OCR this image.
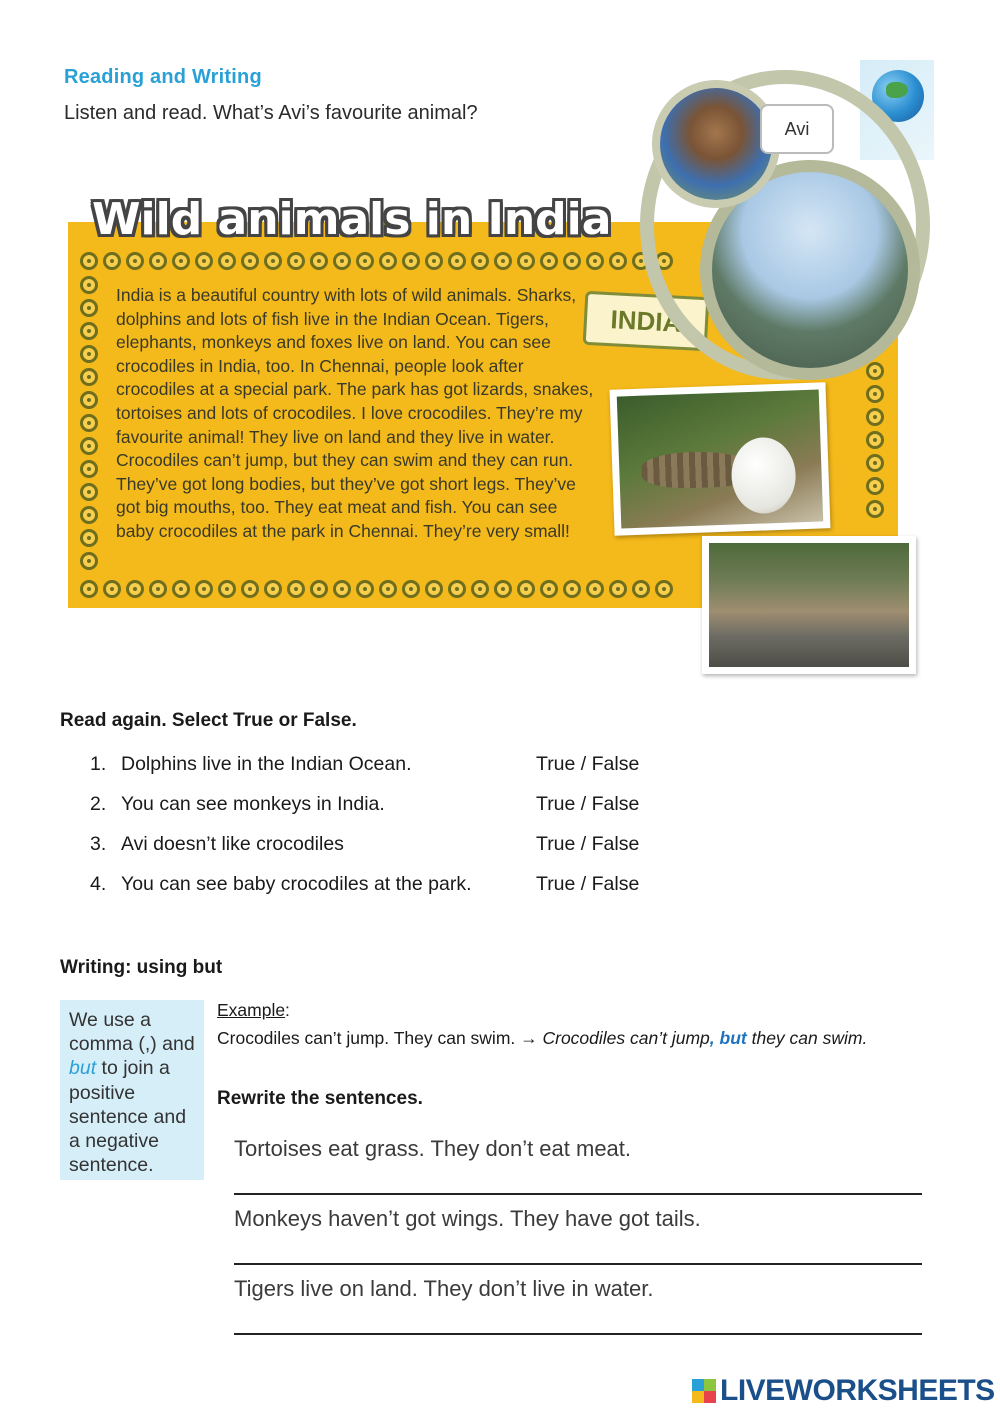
Reading and Writing
Listen and read. What’s Avi’s favourite animal?
Wild animals in India
India is a beautiful country with lots of wild animals. Sharks, dolphins and lots of fish live in the Indian Ocean. Tigers, elephants, monkeys and foxes live on land. You can see crocodiles in India, too. In Chennai, people look after crocodiles at a special park. The park has got lizards, snakes, tortoises and lots of crocodiles. I love crocodiles. They’re my favourite animal! They live on land and they live in water. Crocodiles can’t jump, but they can swim and they can run. They’ve got long bodies, but they’ve got short legs. They’ve got big mouths, too. They eat meat and fish. You can see baby crocodiles at the park in Chennai. They’re very small!
INDIA
Avi
Read again. Select True or False.
1. Dolphins live in the Indian Ocean.	True / False
2. You can see monkeys in India.	True / False
3. Avi doesn’t like crocodiles	True / False
4. You can see baby crocodiles at the park.	True / False
Writing: using but
We use a comma (,) and but to join a positive sentence and a negative sentence.
Example :
Crocodiles can’t jump. They can swim. → Crocodiles can’t jump, but they can swim.
Rewrite the sentences.
Tortoises eat grass. They don’t eat meat.
Monkeys haven’t got wings. They have got tails.
Tigers live on land. They don’t live in water.
LIVEWORKSHEETS
